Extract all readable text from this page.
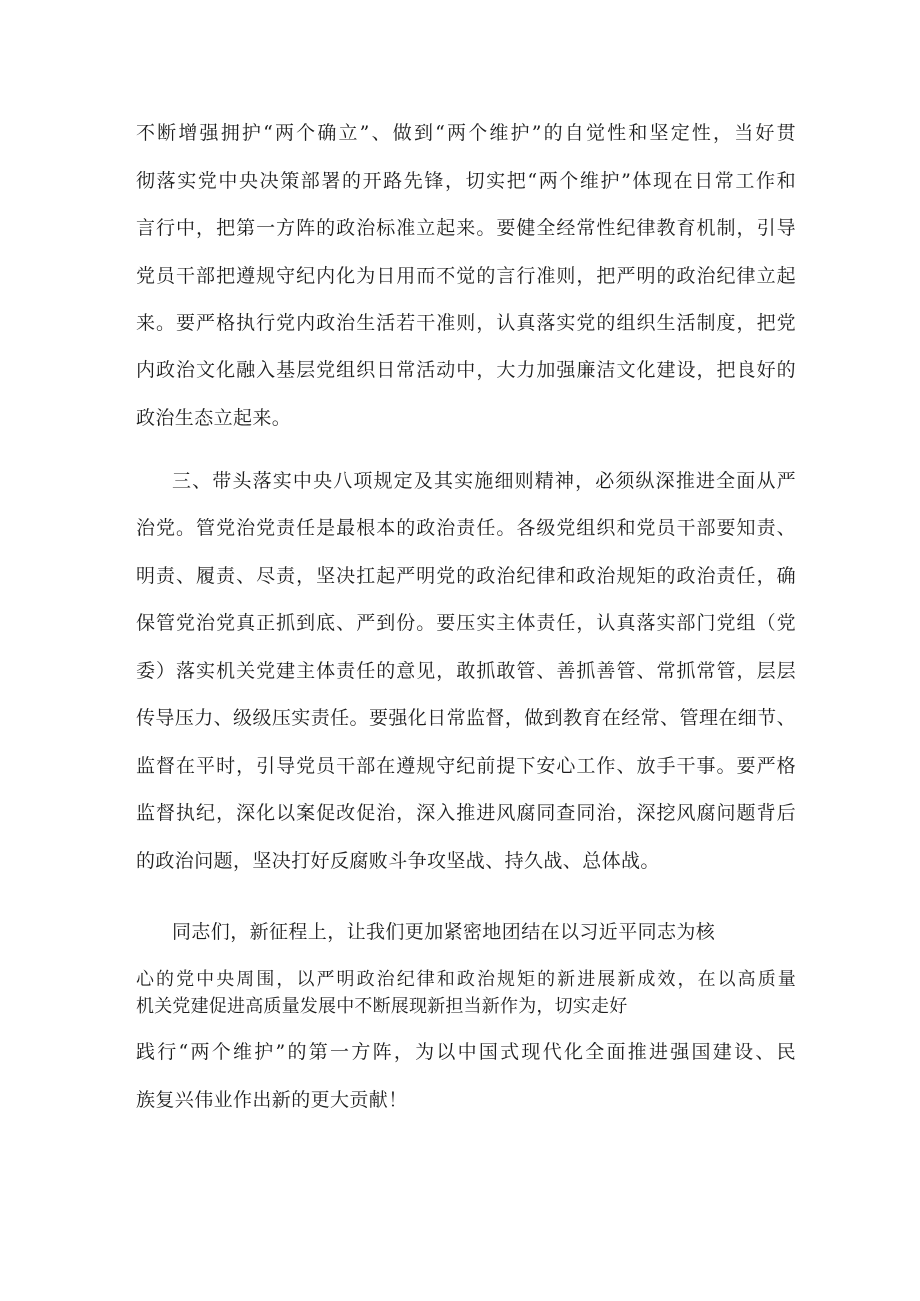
不断增强拥护“两个确立”、做到“两个维护”的自觉性和坚定性，当好贯

彻落实党中央决策部署的开路先锋，切实把“两个维护”体现在日常工作和

言行中，把第一方阵的政治标准立起来。要健全经常性纪律教育机制，引导

党员干部把遵规守纪内化为日用而不觉的言行准则，把严明的政治纪律立起

来。要严格执行党内政治生活若干准则，认真落实党的组织生活制度，把党

内政治文化融入基层党组织日常活动中，大力加强廉洁文化建设，把良好的

政治生态立起来。

三、带头落实中央八项规定及其实施细则精神，必须纵深推进全面从严

治党。管党治党责任是最根本的政治责任。各级党组织和党员干部要知责、

明责、履责、尽责，坚决扛起严明党的政治纪律和政治规矩的政治责任，确

保管党治党真正抓到底、严到份。要压实主体责任，认真落实部门党组（党

委）落实机关党建主体责任的意见，敢抓敢管、善抓善管、常抓常管，层层

传导压力、级级压实责任。要强化日常监督，做到教育在经常、管理在细节、

监督在平时，引导党员干部在遵规守纪前提下安心工作、放手干事。要严格

监督执纪，深化以案促改促治，深入推进风腐同查同治，深挖风腐问题背后

的政治问题，坚决打好反腐败斗争攻坚战、持久战、总体战。

同志们，新征程上，让我们更加紧密地团结在以习近平同志为核

心的党中央周围，以严明政治纪律和政治规矩的新进展新成效，在以高质量

机关党建促进高质量发展中不断展现新担当新作为，切实走好

践行“两个维护”的第一方阵，为以中国式现代化全面推进强国建设、民

族复兴伟业作出新的更大贡献！
